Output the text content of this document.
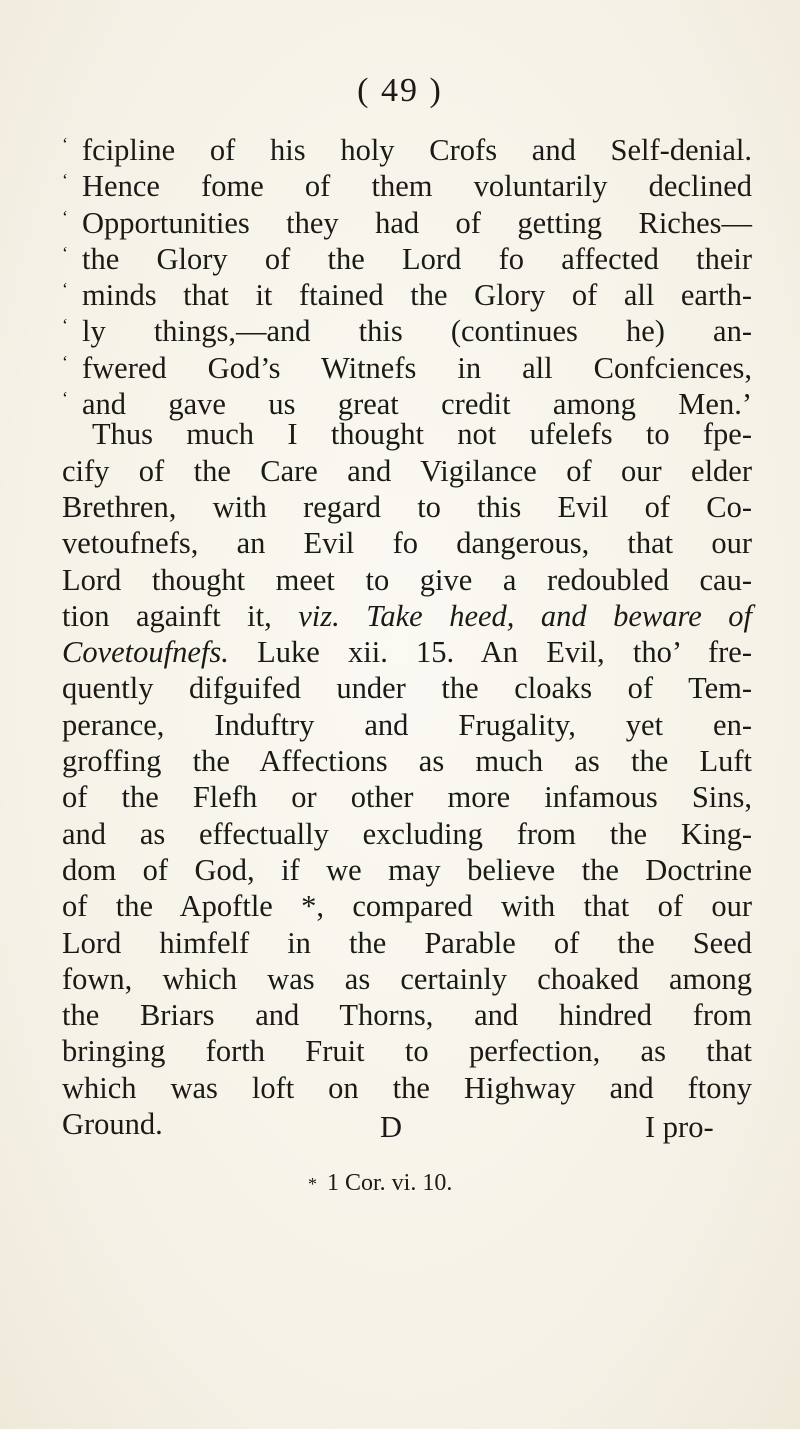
( 49 )
‘ fcipline of his holy Crofs and Self-denial.
‘ Hence fome of them voluntarily declined
‘ Opportunities they had of getting Riches—
‘ the Glory of the Lord fo affected their
‘ minds that it ftained the Glory of all earth-
‘ ly things,—and this (continues he) an-
‘ fwered God’s Witnefs in all Confciences,
‘ and gave us great credit among Men.’
Thus much I thought not ufelefs to fpe-
cify of the Care and Vigilance of our elder
Brethren, with regard to this Evil of Co-
vetoufnefs, an Evil fo dangerous, that our
Lord thought meet to give a redoubled cau-
tion againft it, viz. Take heed, and beware of
Covetoufnefs. Luke xii. 15. An Evil, tho’ fre-
quently difguifed under the cloaks of Tem-
perance, Induftry and Frugality, yet en-
groffing the Affections as much as the Luft
of the Flefh or other more infamous Sins,
and as effectually excluding from the King-
dom of God, if we may believe the Doctrine
of the Apoftle *, compared with that of our
Lord himfelf in the Parable of the Seed
fown, which was as certainly choaked among
the Briars and Thorns, and hindred from
bringing forth Fruit to perfection, as that
which was loft on the Highway and ftony
Ground.	D	I pro-
* 1 Cor. vi. 10.
